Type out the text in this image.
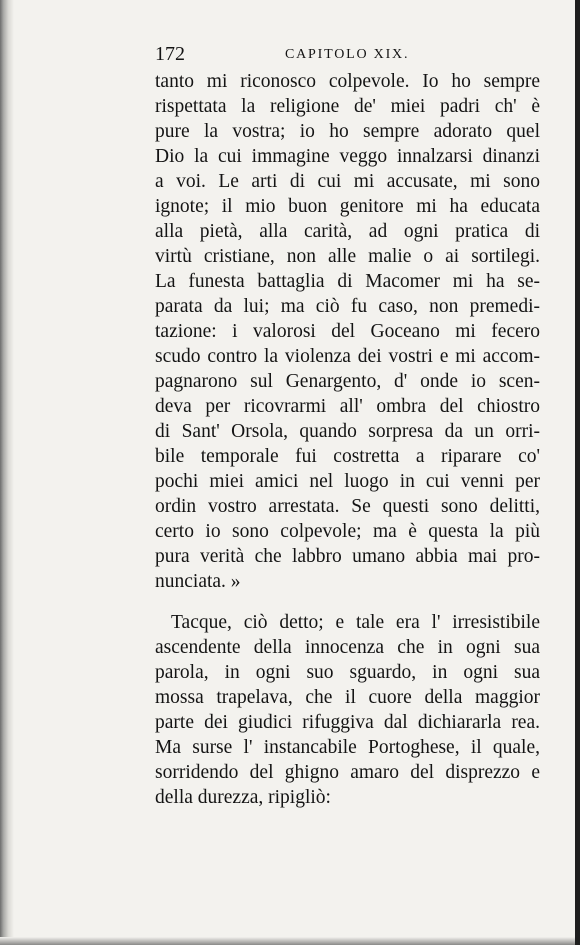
172	CAPITOLO XIX.
tanto mi riconosco colpevole. Io ho sempre
rispettata la religione de' miei padri ch' è
pure la vostra; io ho sempre adorato quel
Dio la cui immagine veggo innalzarsi dinanzi
a voi. Le arti di cui mi accusate, mi sono
ignote; il mio buon genitore mi ha educata
alla pietà, alla carità, ad ogni pratica di
virtù cristiane, non alle malie o ai sortilegi.
La funesta battaglia di Macomer mi ha se-
parata da lui; ma ciò fu caso, non premedi-
tazione: i valorosi del Goceano mi fecero
scudo contro la violenza dei vostri e mi accom-
pagnarono sul Genargento, d' onde io scen-
deva per ricovrarmi all' ombra del chiostro
di Sant' Orsola, quando sorpresa da un orri-
bile temporale fui costretta a riparare co'
pochi miei amici nel luogo in cui venni per
ordin vostro arrestata. Se questi sono delitti,
certo io sono colpevole; ma è questa la più
pura verità che labbro umano abbia mai pro-
nunciata. »
Tacque, ciò detto; e tale era l' irresistibile
ascendente della innocenza che in ogni sua
parola, in ogni suo sguardo, in ogni sua
mossa trapelava, che il cuore della maggior
parte dei giudici rifuggiva dal dichiararla rea.
Ma surse l' instancabile Portoghese, il quale,
sorridendo del ghigno amaro del disprezzo e
della durezza, ripigliò:
